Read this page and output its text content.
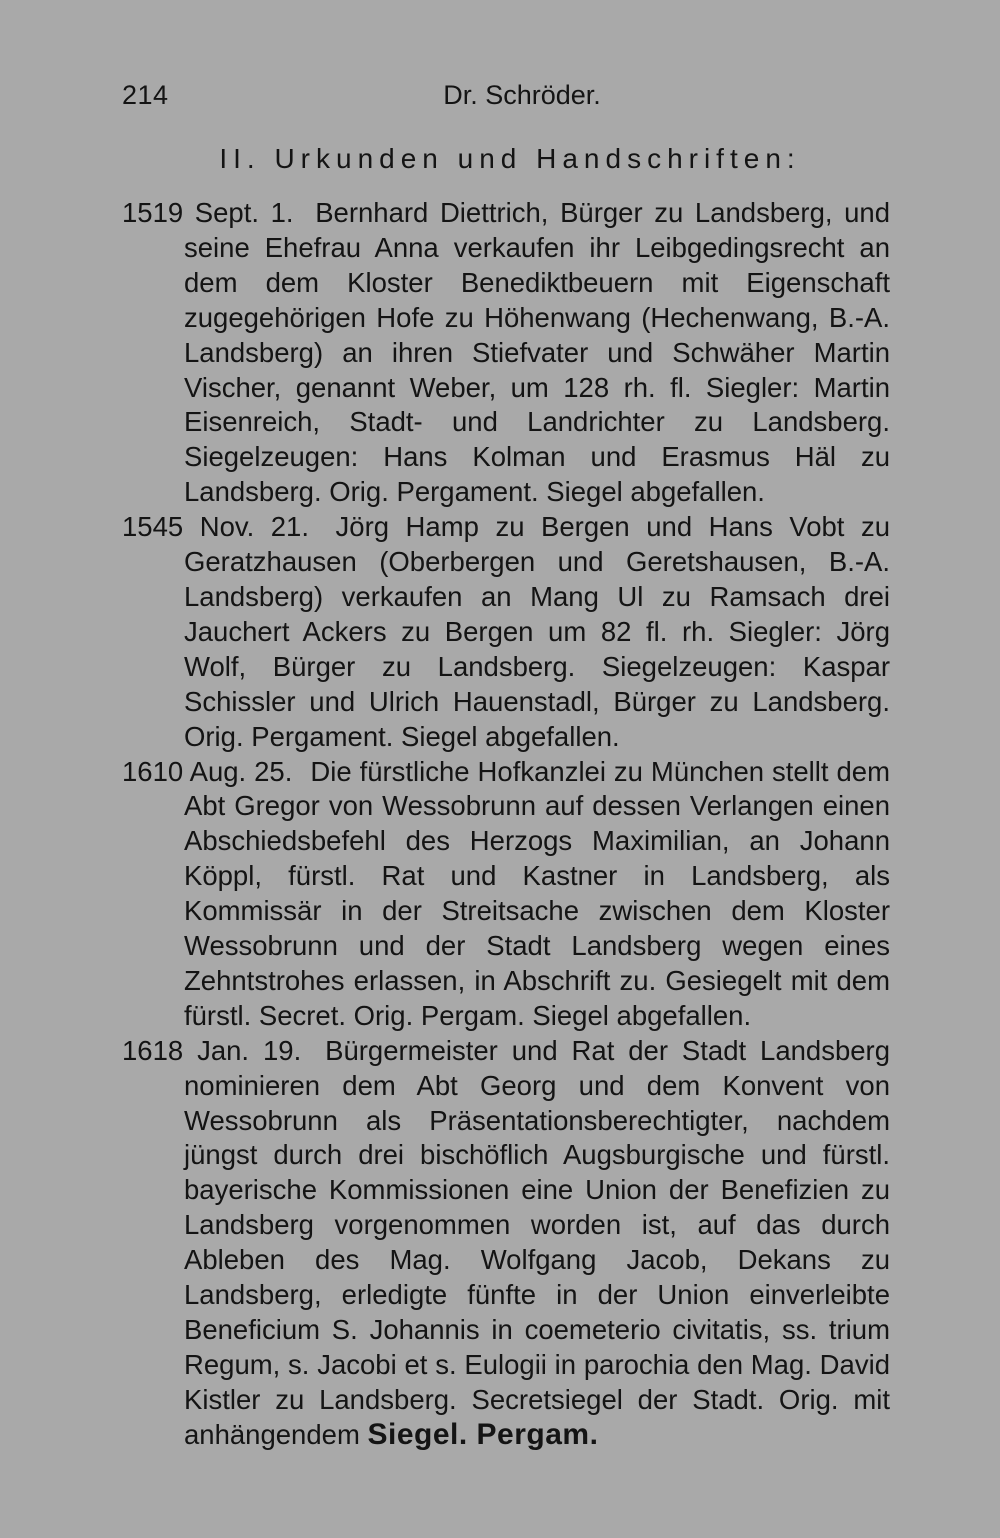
214	Dr. Schröder.
II. Urkunden und Handschriften:

1519 Sept. 1. Bernhard Diettrich, Bürger zu Landsberg, und seine Ehefrau Anna verkaufen ihr Leibgedingsrecht an dem dem Kloster Benediktbeuern mit Eigenschaft zugegehörigen Hofe zu Höhenwang (Hechenwang, B.-A. Landsberg) an ihren Stiefvater und Schwäher Martin Vischer, genannt Weber, um 128 rh. fl. Siegler: Martin Eisenreich, Stadt- und Landrichter zu Landsberg. Siegelzeugen: Hans Kolman und Erasmus Häl zu Landsberg. Orig. Pergament. Siegel abgefallen.

1545 Nov. 21. Jörg Hamp zu Bergen und Hans Vobt zu Geratzhausen (Oberbergen und Geretshausen, B.-A. Landsberg) verkaufen an Mang Ul zu Ramsach drei Jauchert Ackers zu Bergen um 82 fl. rh. Siegler: Jörg Wolf, Bürger zu Landsberg. Siegelzeugen: Kaspar Schissler und Ulrich Hauenstadl, Bürger zu Landsberg. Orig. Pergament. Siegel abgefallen.

1610 Aug. 25. Die fürstliche Hofkanzlei zu München stellt dem Abt Gregor von Wessobrunn auf dessen Verlangen einen Abschiedsbefehl des Herzogs Maximilian, an Johann Köppl, fürstl. Rat und Kastner in Landsberg, als Kommissär in der Streitsache zwischen dem Kloster Wessobrunn und der Stadt Landsberg wegen eines Zehntstrohes erlassen, in Abschrift zu. Gesiegelt mit dem fürstl. Secret. Orig. Pergam. Siegel abgefallen.

1618 Jan. 19. Bürgermeister und Rat der Stadt Landsberg nominieren dem Abt Georg und dem Konvent von Wessobrunn als Präsentationsberechtigter, nachdem jüngst durch drei bischöflich Augsburgische und fürstl. bayerische Kommissionen eine Union der Benefizien zu Landsberg vorgenommen worden ist, auf das durch Ableben des Mag. Wolfgang Jacob, Dekans zu Landsberg, erledigte fünfte in der Union einverleibte Beneficium S. Johannis in coemeterio civitatis, ss. trium Regum, s. Jacobi et s. Eulogii in parochia den Mag. David Kistler zu Landsberg. Secretsiegel der Stadt. Orig. mit anhängendem Siegel. Pergam.
